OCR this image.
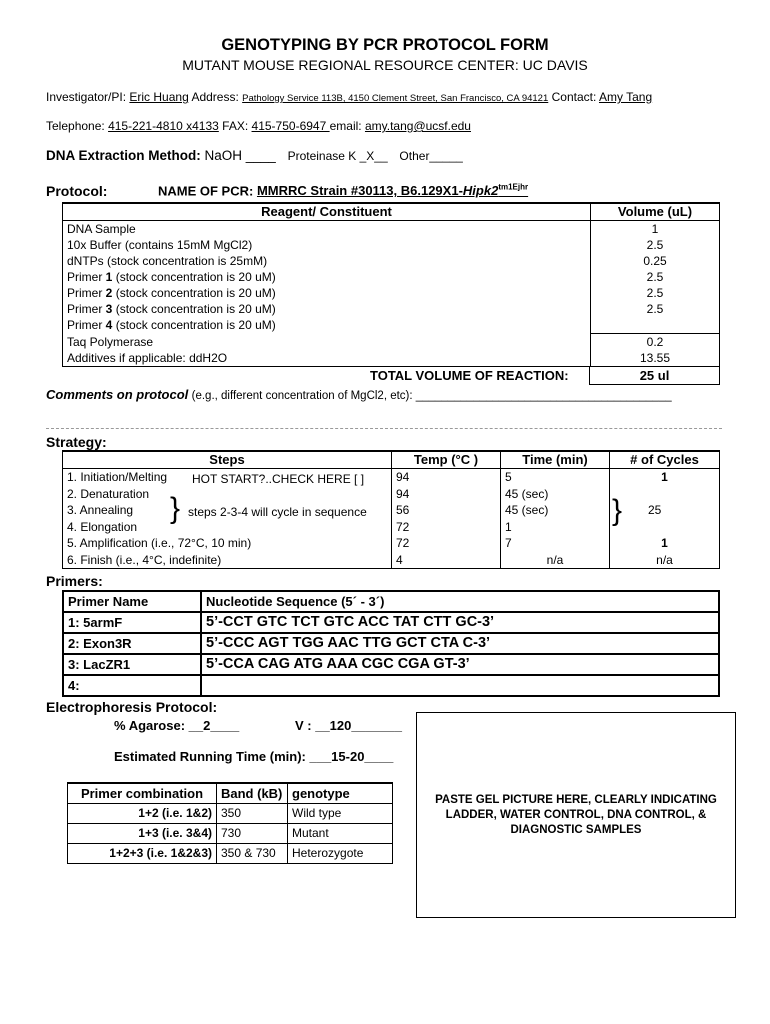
GENOTYPING BY PCR PROTOCOL FORM
MUTANT MOUSE REGIONAL RESOURCE CENTER: UC DAVIS
Investigator/PI: Eric Huang Address: Pathology Service 113B, 4150 Clement Street, San Francisco, CA 94121 Contact: Amy Tang
Telephone: 415-221-4810 x4133 FAX: 415-750-6947 email: amy.tang@ucsf.edu
DNA Extraction Method: NaOH ____ Proteinase K _X__ Other_____
Protocol:	NAME OF PCR: MMRRC Strain #30113, $B6.129X1-Hipk2^{tm1Ejhr}$
Reagent/ Constituent	Volume (uL)
DNA Sample	1
10x Buffer (contains 15mM MgCl2)	2.5
dNTPs (stock concentration is 25mM)	0.25
Primer 1 (stock concentration is 20 uM)	2.5
Primer 2 (stock concentration is 20 uM)	2.5
Primer 3 (stock concentration is 20 uM)	2.5
Primer 4 (stock concentration is 20 uM)	
Taq Polymerase	0.2
Additives if applicable: ddH2O	13.55
TOTAL VOLUME OF REACTION:	25 ul
Comments on protocol (e.g., different concentration of MgCl2, etc): ________________________________________
Strategy:
Steps	Temp (°C )	Time (min)	# of Cycles
1. Initiation/Melting	94	5	1
2. Denaturation	94	45 (sec)	
3. Annealing	56	45 (sec)	25
4. Elongation	72	1	
5. Amplification (i.e., 72°C, 10 min)	72	7	1
6. Finish (i.e., 4°C, indefinite)	4	n/a	n/a
HOT START?..CHECK HERE [ ]
} steps 2-3-4 will cycle in sequence	}
Primers:
Primer Name	Nucleotide Sequence (5´ - 3´)
1: 5armF	5’-CCT GTC TCT GTC ACC TAT CTT GC-3’
2: Exon3R	5’-CCC AGT TGG AAC TTG GCT CTA C-3’
3: LacZR1	5’-CCA CAG ATG AAA CGC CGA GT-3’
4:	
Electrophoresis Protocol:
% Agarose: __2____	V : __120_______
Estimated Running Time (min): ___15-20____
Primer combination	Band (kB)	genotype
1+2 (i.e. 1&2)	350	Wild type
1+3 (i.e. 3&4)	730	Mutant
1+2+3 (i.e. 1&2&3)	350 & 730	Heterozygote
PASTE GEL PICTURE HERE, CLEARLY INDICATING LADDER, WATER CONTROL, DNA CONTROL, & DIAGNOSTIC SAMPLES
